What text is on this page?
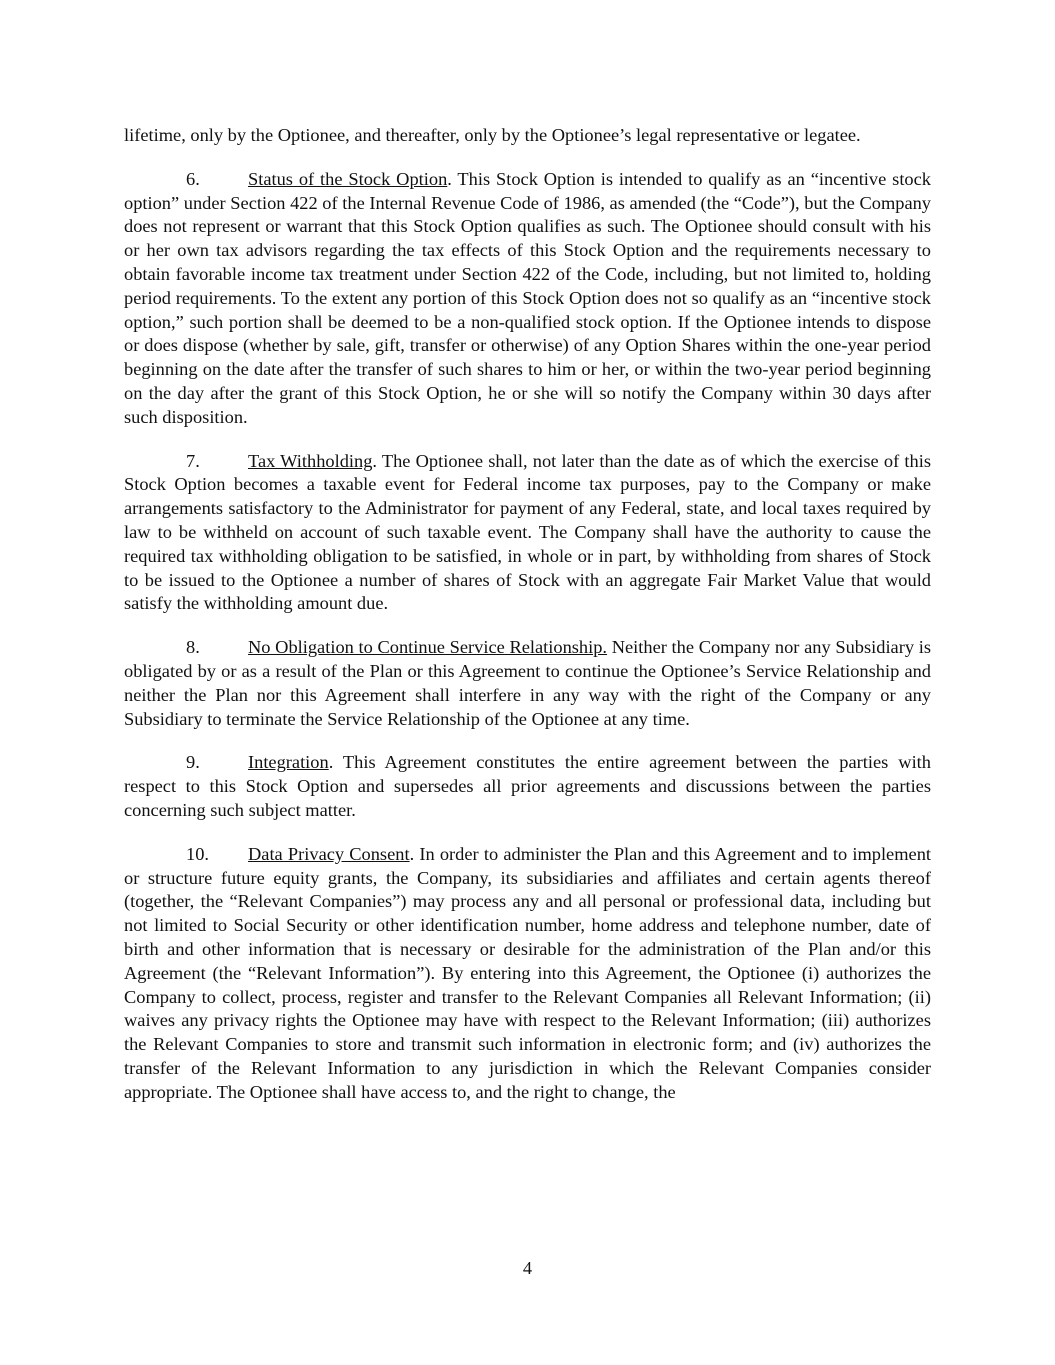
lifetime, only by the Optionee, and thereafter, only by the Optionee’s legal representative or legatee.

6.	Status of the Stock Option. This Stock Option is intended to qualify as an “incentive stock option” under Section 422 of the Internal Revenue Code of 1986, as amended (the “Code”), but the Company does not represent or warrant that this Stock Option qualifies as such. The Optionee should consult with his or her own tax advisors regarding the tax effects of this Stock Option and the requirements necessary to obtain favorable income tax treatment under Section 422 of the Code, including, but not limited to, holding period requirements. To the extent any portion of this Stock Option does not so qualify as an “incentive stock option,” such portion shall be deemed to be a non-qualified stock option. If the Optionee intends to dispose or does dispose (whether by sale, gift, transfer or otherwise) of any Option Shares within the one-year period beginning on the date after the transfer of such shares to him or her, or within the two-year period beginning on the day after the grant of this Stock Option, he or she will so notify the Company within 30 days after such disposition.

7.	Tax Withholding. The Optionee shall, not later than the date as of which the exercise of this Stock Option becomes a taxable event for Federal income tax purposes, pay to the Company or make arrangements satisfactory to the Administrator for payment of any Federal, state, and local taxes required by law to be withheld on account of such taxable event. The Company shall have the authority to cause the required tax withholding obligation to be satisfied, in whole or in part, by withholding from shares of Stock to be issued to the Optionee a number of shares of Stock with an aggregate Fair Market Value that would satisfy the withholding amount due.

8.	No Obligation to Continue Service Relationship. Neither the Company nor any Subsidiary is obligated by or as a result of the Plan or this Agreement to continue the Optionee’s Service Relationship and neither the Plan nor this Agreement shall interfere in any way with the right of the Company or any Subsidiary to terminate the Service Relationship of the Optionee at any time.

9.	Integration. This Agreement constitutes the entire agreement between the parties with respect to this Stock Option and supersedes all prior agreements and discussions between the parties concerning such subject matter.

10. Data Privacy Consent. In order to administer the Plan and this Agreement and to implement or structure future equity grants, the Company, its subsidiaries and affiliates and certain agents thereof (together, the “Relevant Companies”) may process any and all personal or professional data, including but not limited to Social Security or other identification number, home address and telephone number, date of birth and other information that is necessary or desirable for the administration of the Plan and/or this Agreement (the “Relevant Information”). By entering into this Agreement, the Optionee (i) authorizes the Company to collect, process, register and transfer to the Relevant Companies all Relevant Information; (ii) waives any privacy rights the Optionee may have with respect to the Relevant Information; (iii) authorizes the Relevant Companies to store and transmit such information in electronic form; and (iv) authorizes the transfer of the Relevant Information to any jurisdiction in which the Relevant Companies consider appropriate. The Optionee shall have access to, and the right to change, the

4
